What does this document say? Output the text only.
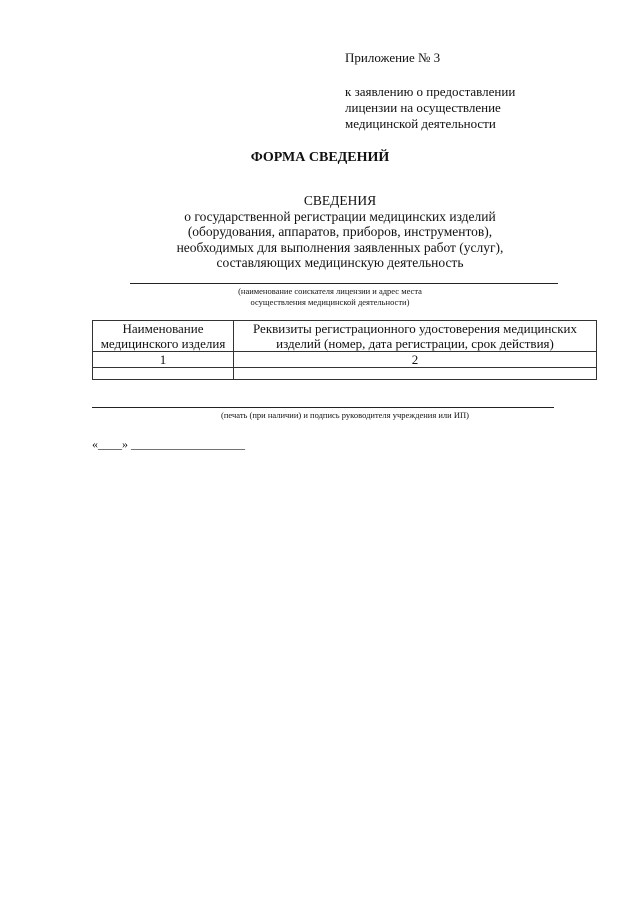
Приложение № 3
к заявлению о предоставлении
лицензии на осуществление
медицинской деятельности
ФОРМА СВЕДЕНИЙ
СВЕДЕНИЯ
о государственной регистрации медицинских изделий
(оборудования, аппаратов, приборов, инструментов),
необходимых для выполнения заявленных работ (услуг),
составляющих медицинскую деятельность
(наименование соискателя лицензии и адрес места
осуществления медицинской деятельности)
Наименование медицинского изделия	Реквизиты регистрационного удостоверения медицинских изделий (номер, дата регистрации, срок действия)
1	2

(печать (при наличии) и подпись руководителя учреждения или ИП)
«____» ___________________
